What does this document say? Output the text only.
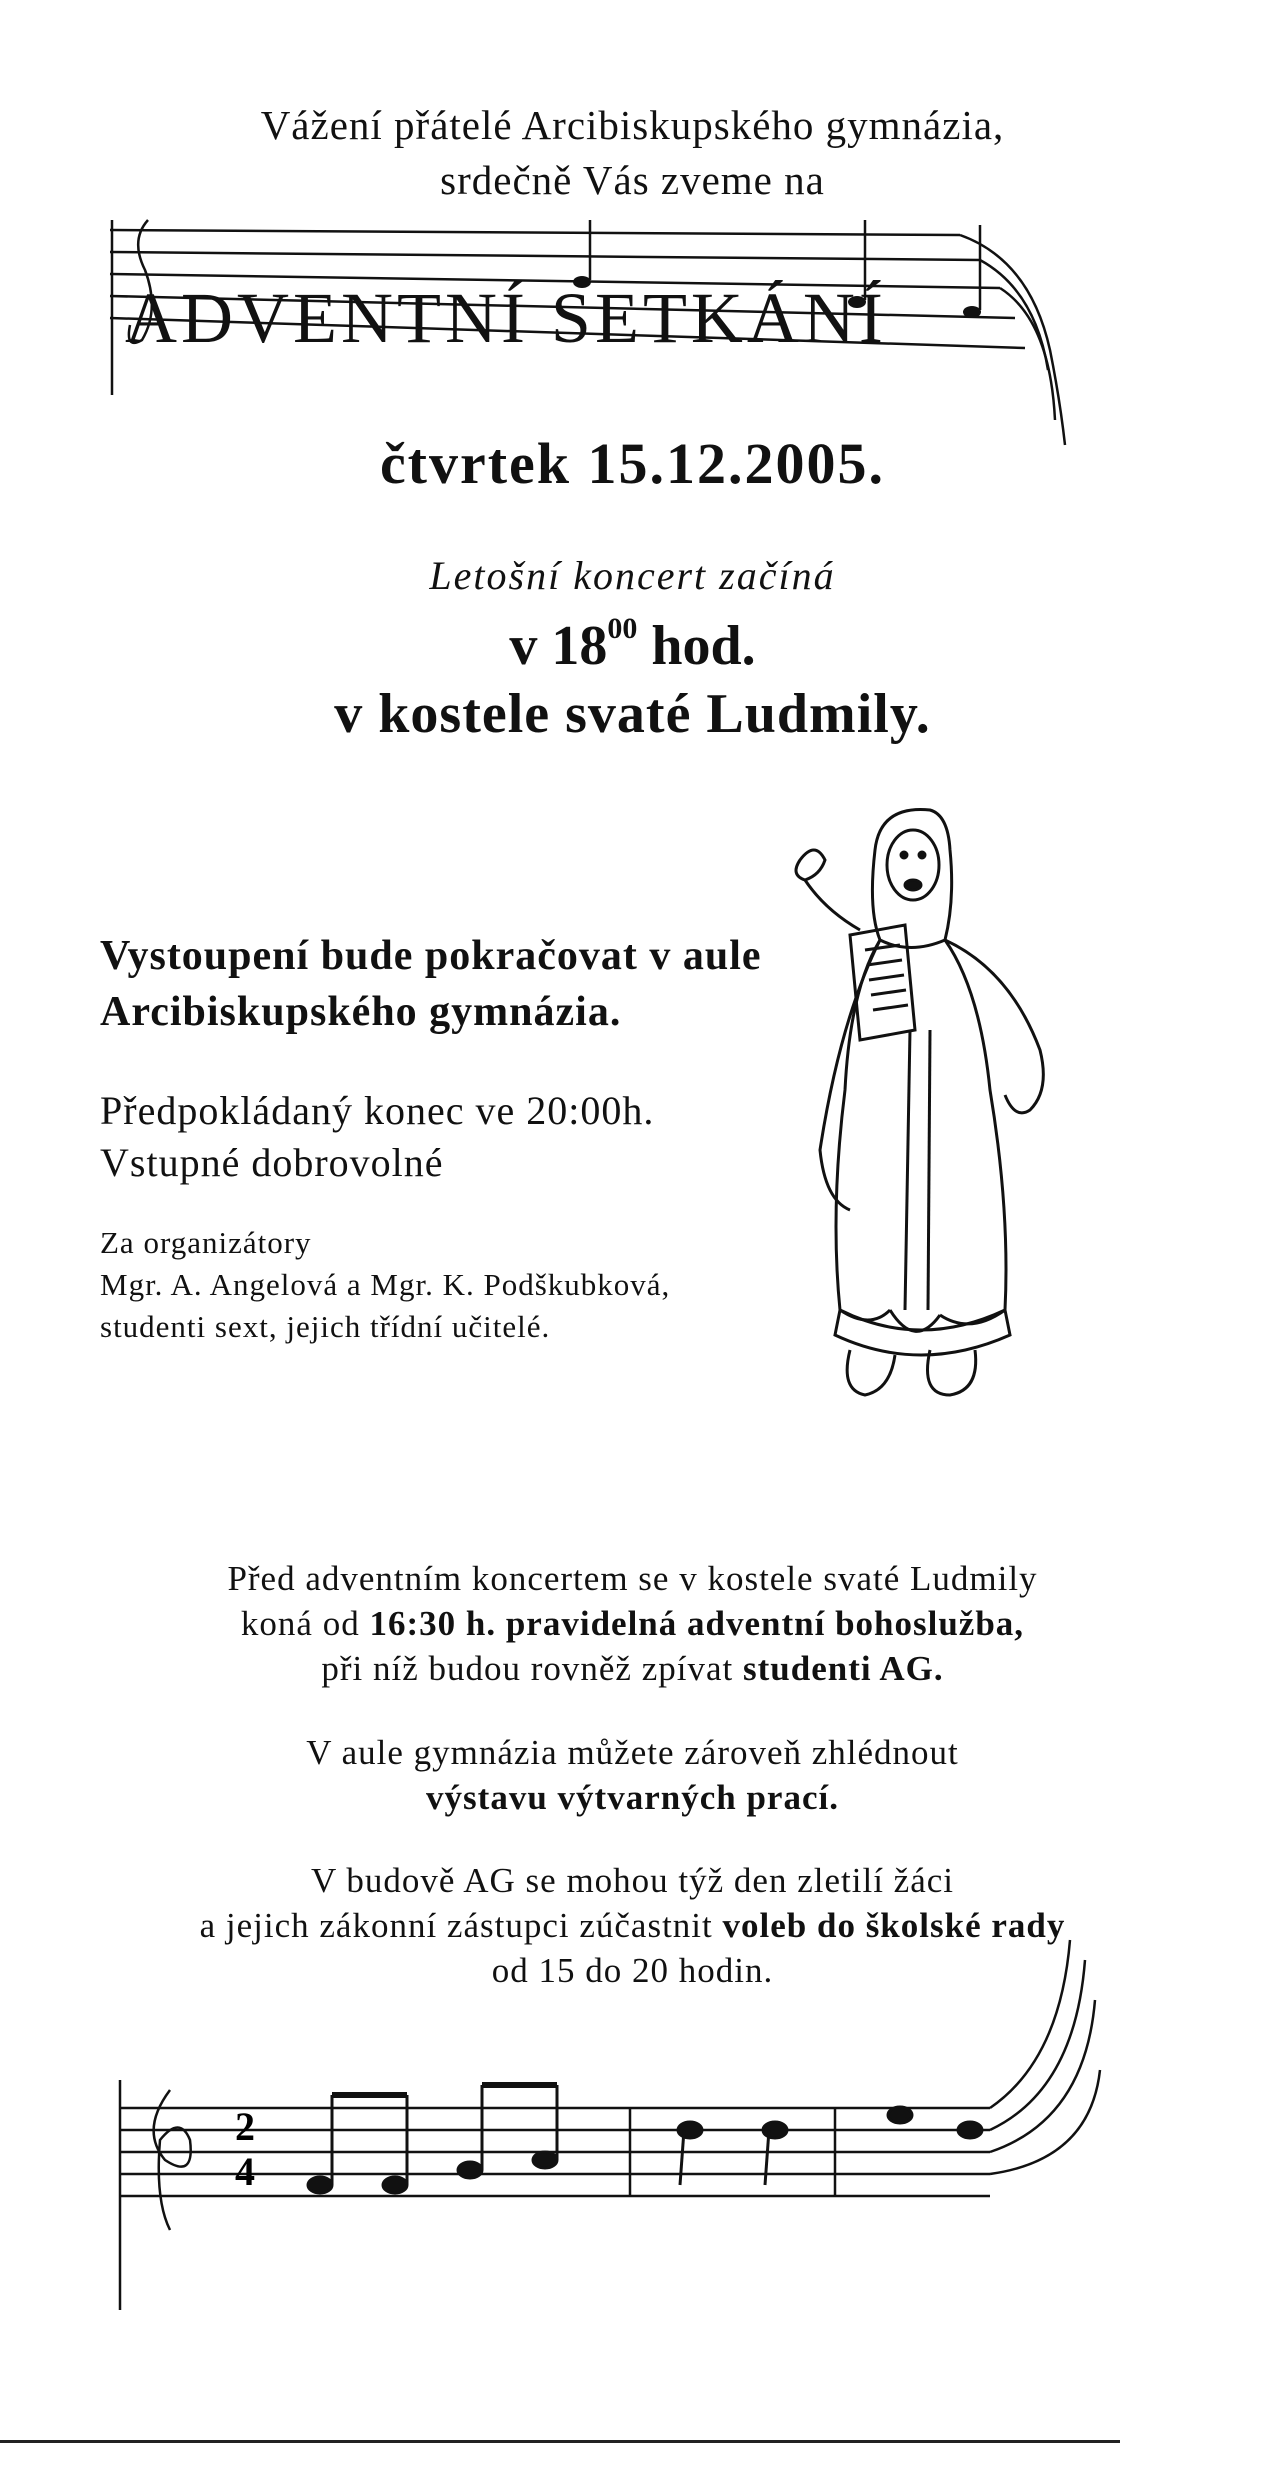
Vážení přátelé Arcibiskupského gymnázia,
srdečně Vás zveme na
ADVENTNÍ SETKÁNÍ
čtvrtek 15.12.2005.
Letošní koncert začíná
v $18^{00}$ hod.
v kostele svaté Ludmily.
Vystoupení bude pokračovat v aule
Arcibiskupského gymnázia.
Předpokládaný konec ve 20:00h.
Vstupné dobrovolné
Za organizátory
Mgr. A. Angelová a Mgr. K. Podškubková,
studenti sext, jejich třídní učitelé.
Před adventním koncertem se v kostele svaté Ludmily
koná od 16:30 h. pravidelná adventní bohoslužba,
při níž budou rovněž zpívat studenti AG.
V aule gymnázia můžete zároveň zhlédnout
výstavu výtvarných prací.
V budově AG se mohou týž den zletilí žáci
a jejich zákonní zástupci zúčastnit voleb do školské rady
od 15 do 20 hodin.
2
4
